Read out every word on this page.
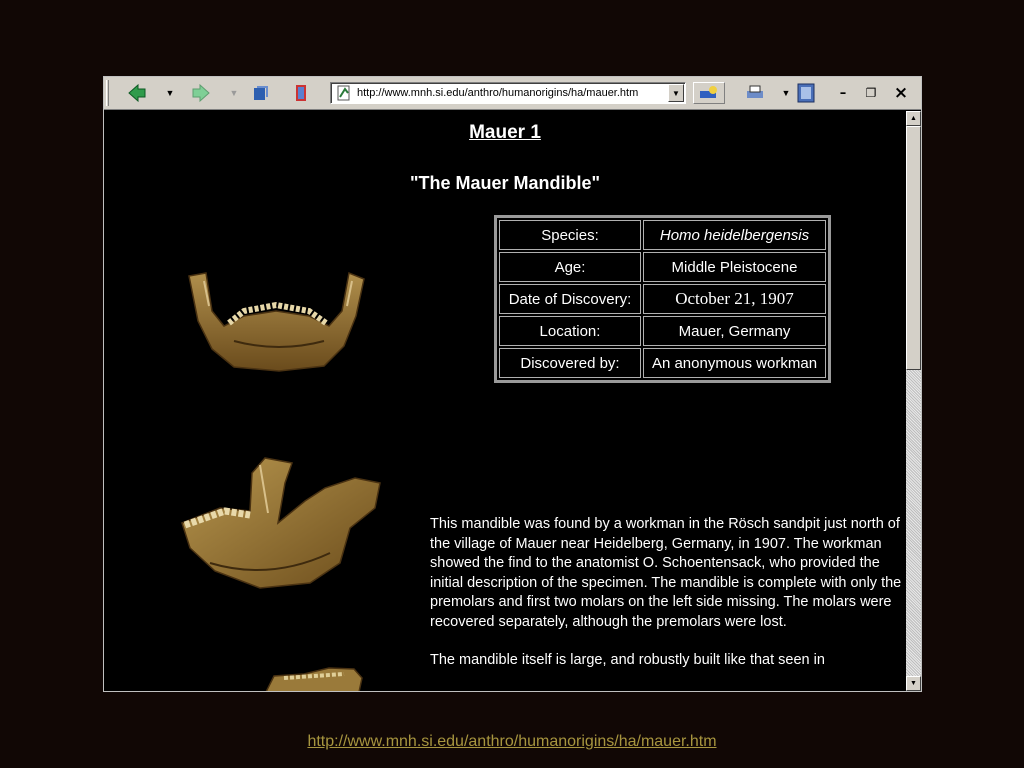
▼	▼	http://www.mnh.si.edu/anthro/humanorigins/ha/mauer.htm	▼	▼	–	❐ ×
Mauer 1
"The Mauer Mandible"
Species:	Homo heidelbergensis
Age:	Middle Pleistocene
Date of Discovery:	October 21, 1907
Location:	Mauer, Germany
Discovered by:	An anonymous workman

This mandible was found by a workman in the Rösch sandpit just north of the village of Mauer near Heidelberg, Germany, in 1907. The workman showed the find to the anatomist O. Schoentensack, who provided the initial description of the specimen. The mandible is complete with only the premolars and first two molars on the left side missing. The molars were recovered separately, although the premolars were lost.

The mandible itself is large, and robustly built like that seen in

▲
▼
http://www.mnh.si.edu/anthro/humanorigins/ha/mauer.htm
